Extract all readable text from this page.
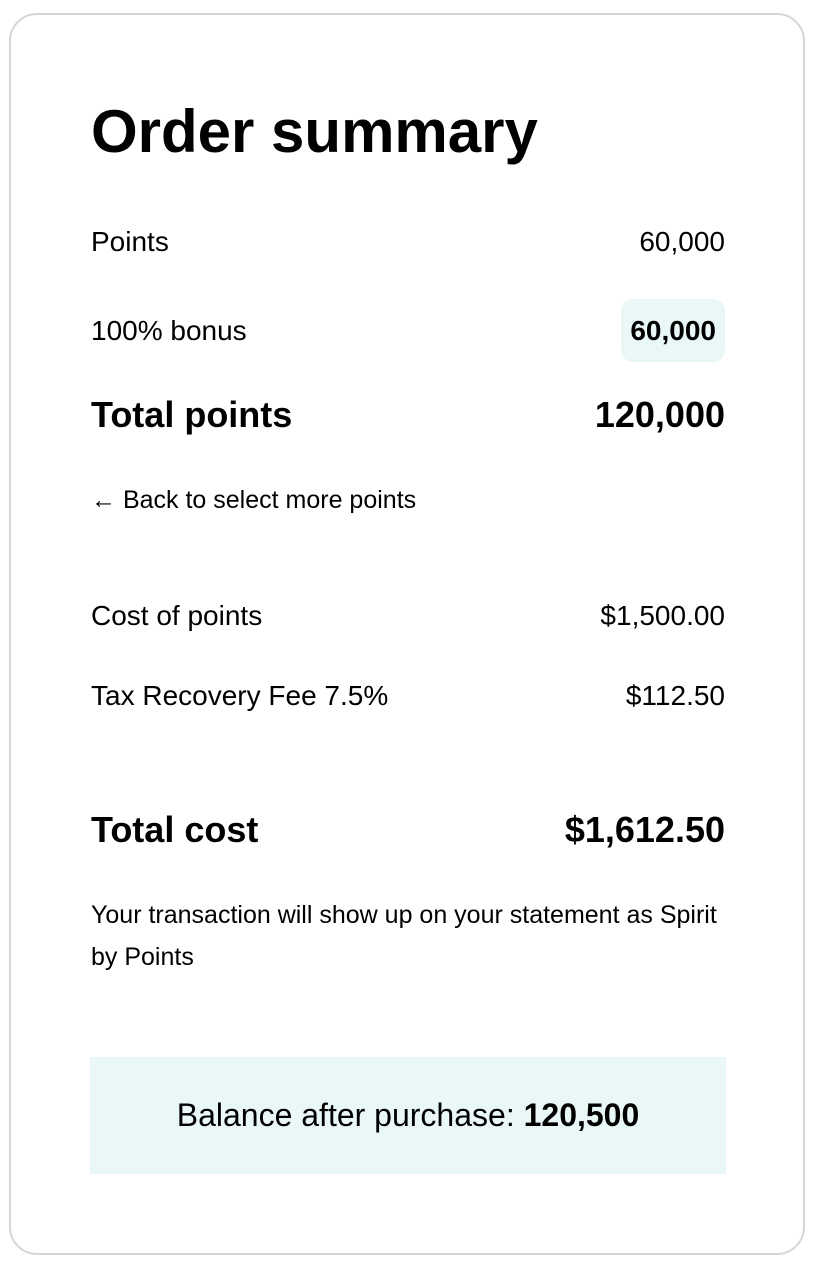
Order summary
Points	60,000
100% bonus	60,000
Total points	120,000
← Back to select more points
Cost of points	$1,500.00
Tax Recovery Fee 7.5%	$112.50
Total cost	$1,612.50
Your transaction will show up on your statement as Spirit by Points
Balance after purchase:
120,500
